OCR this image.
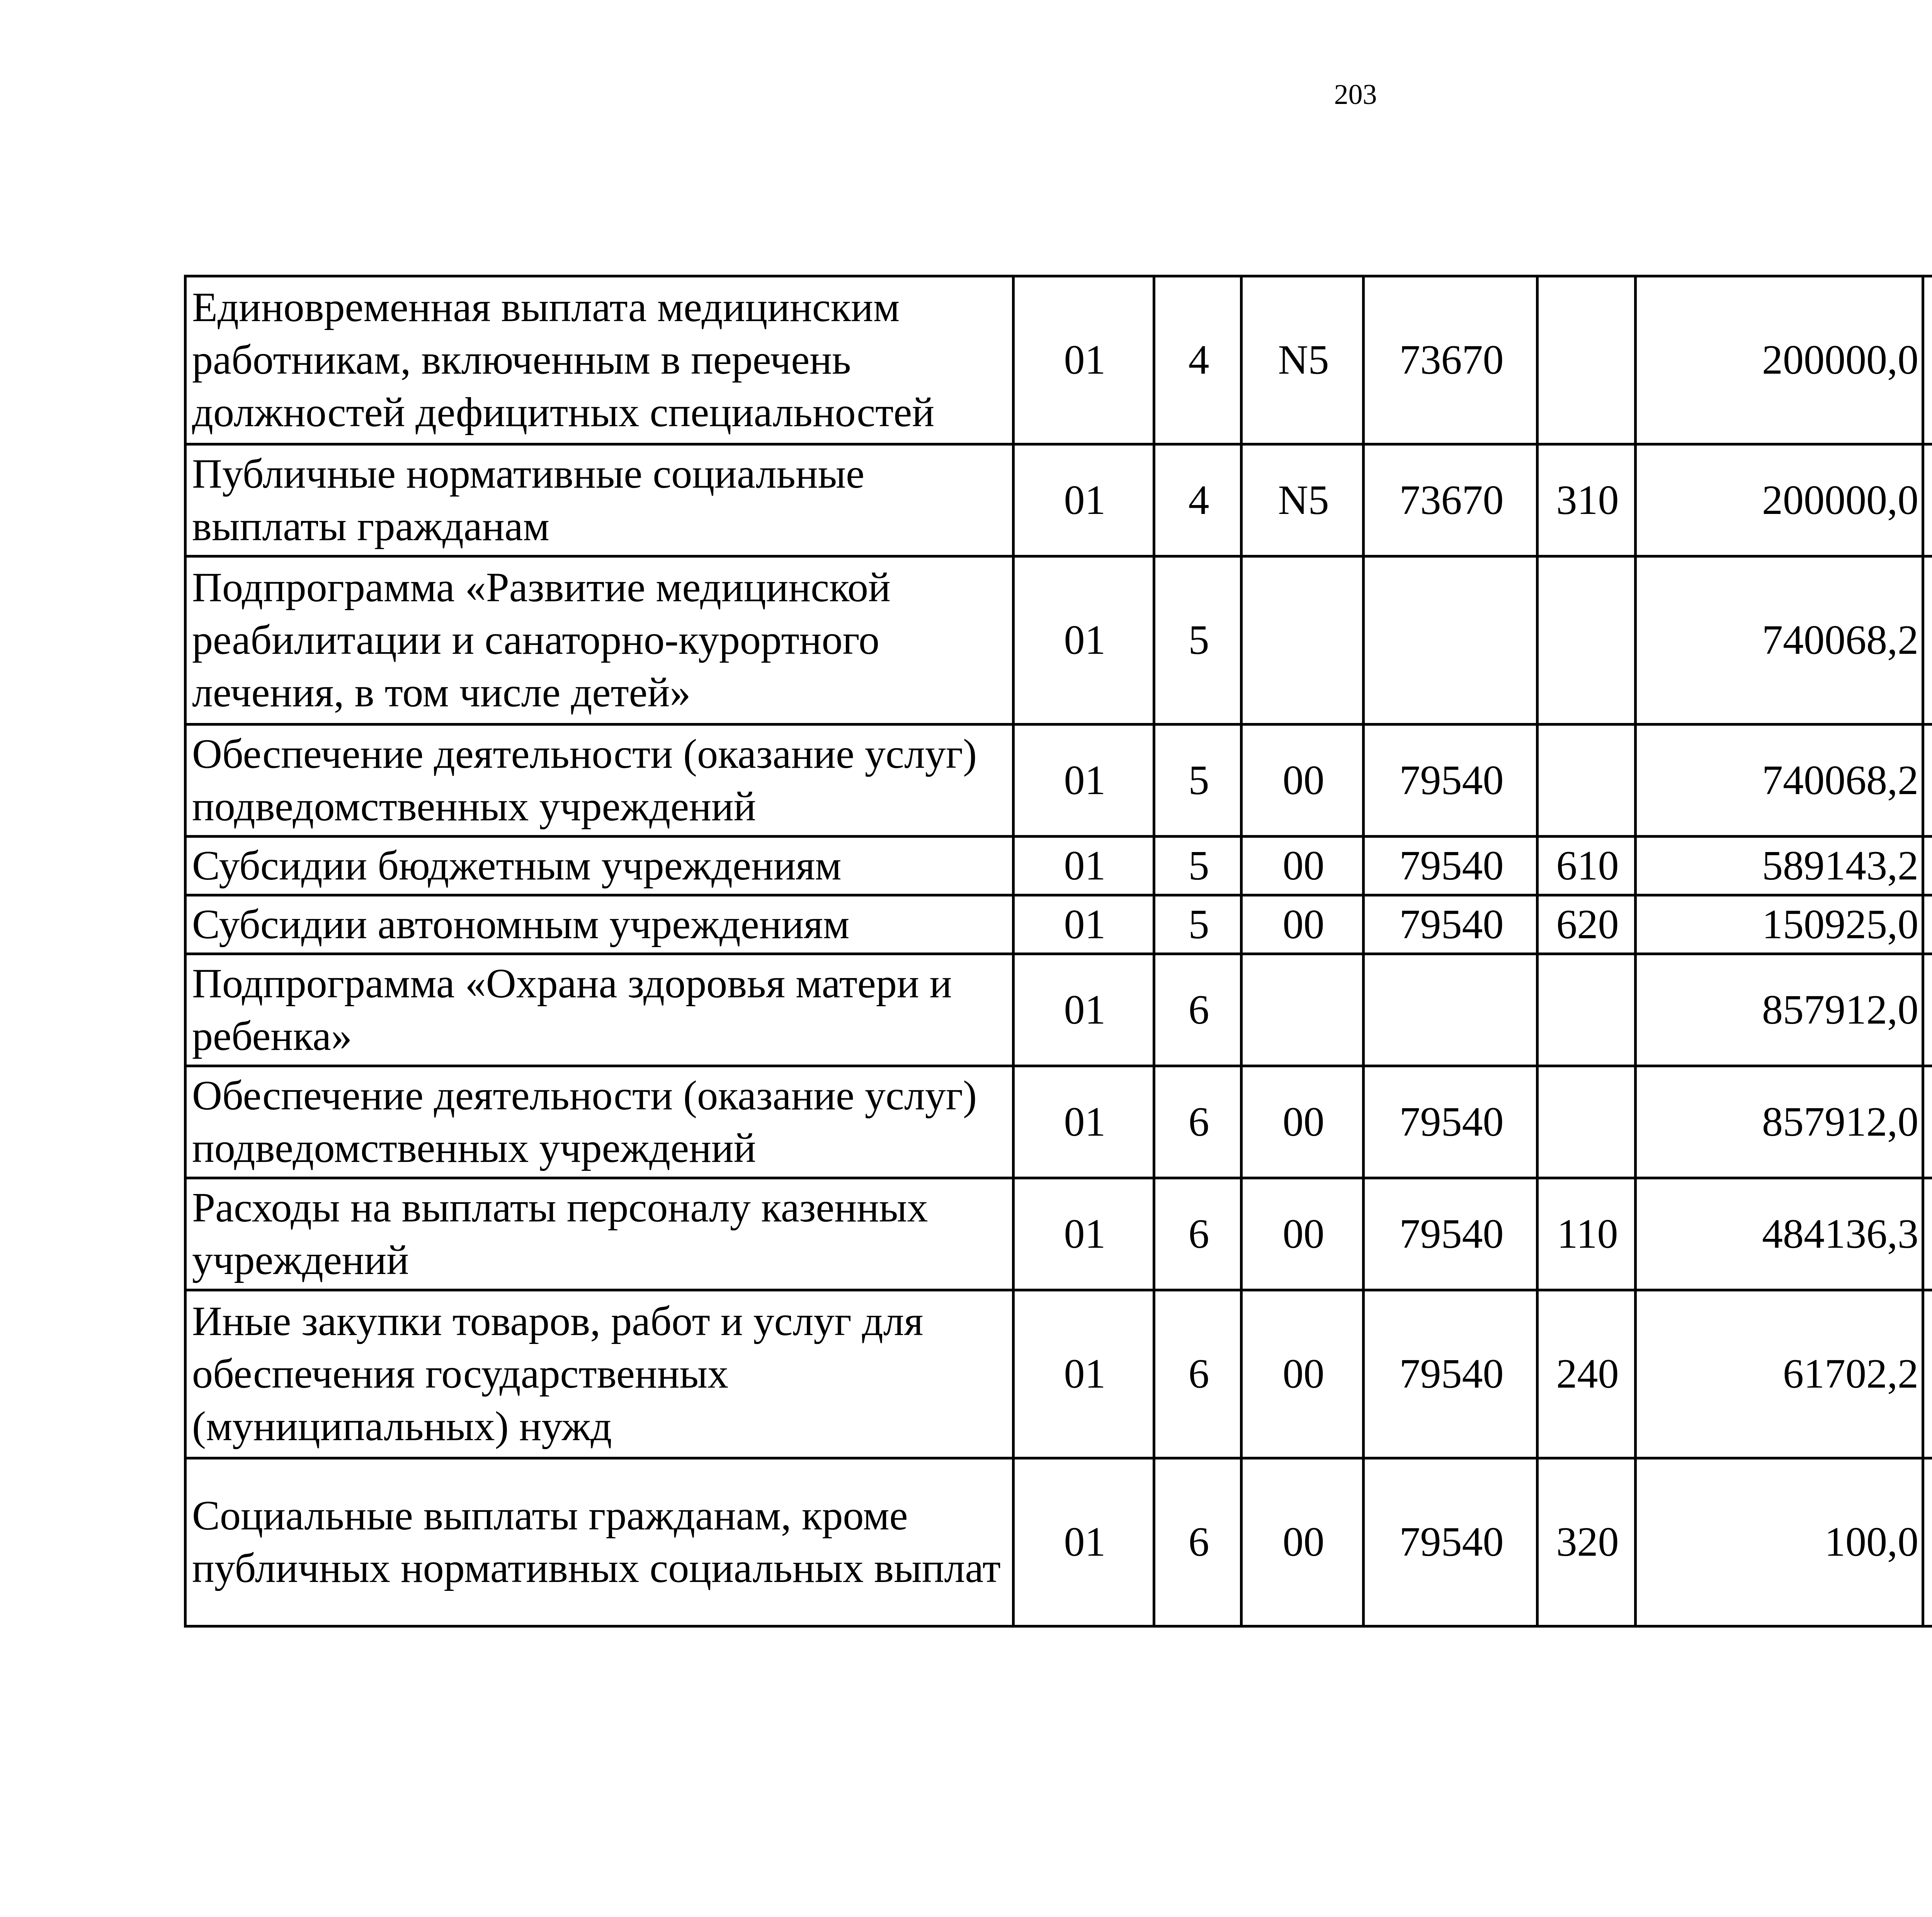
203
Единовременная выплата медицинским работникам, включенным в перечень должностей дефицитных специальностей	01	4	N5	73670		200000,0		
Публичные нормативные социальные выплаты гражданам	01	4	N5	73670	310	200000,0		
Подпрограмма «Развитие медицинской реабилитации и санаторно-курортного лечения, в том числе детей»	01	5				740068,2		
Обеспечение деятельности (оказание услуг) подведомственных учреждений	01	5	00	79540		740068,2		
Субсидии бюджетным учреждениям	01	5	00	79540	610	589143,2		
Субсидии автономным учреждениям	01	5	00	79540	620	150925,0		
Подпрограмма «Охрана здоровья матери и ребенка»	01	6				857912,0		
Обеспечение деятельности (оказание услуг) подведомственных учреждений	01	6	00	79540		857912,0		
Расходы на выплаты персоналу казенных учреждений	01	6	00	79540	110	484136,3		
Иные закупки товаров, работ и услуг для обеспечения государственных (муниципальных) нужд	01	6	00	79540	240	61702,2		
Социальные выплаты гражданам, кроме публичных нормативных социальных выплат	01	6	00	79540	320	100,0		
